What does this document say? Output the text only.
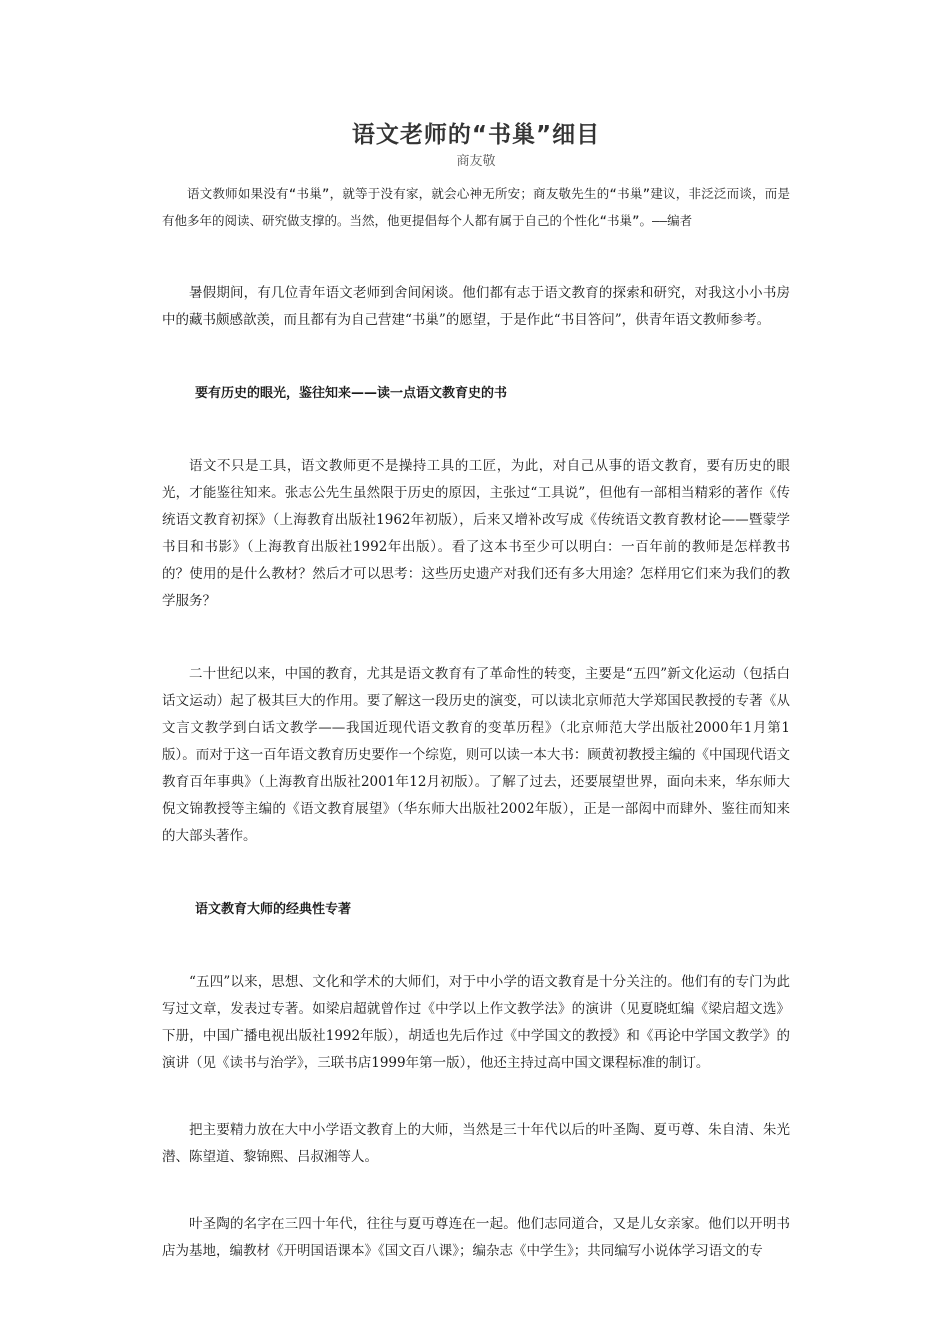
语文老师的“书巢”细目
商友敬

语文教师如果没有“书巢”，就等于没有家，就会心神无所安；商友敬先生的“书巢”建议，非泛泛而谈，而是有他多年的阅读、研究做支撑的。当然，他更提倡每个人都有属于自己的个性化“书巢”。——编者

暑假期间，有几位青年语文老师到舍间闲谈。他们都有志于语文教育的探索和研究，对我这小小书房中的藏书颇感歆羡，而且都有为自己营建“书巢”的愿望，于是作此“书目答问”，供青年语文教师参考。

要有历史的眼光，鉴往知来——读一点语文教育史的书

语文不只是工具，语文教师更不是操持工具的工匠，为此，对自己从事的语文教育，要有历史的眼光，才能鉴往知来。张志公先生虽然限于历史的原因，主张过“工具说”，但他有一部相当精彩的著作《传统语文教育初探》（上海教育出版社1962年初版），后来又增补改写成《传统语文教育教材论——暨蒙学书目和书影》（上海教育出版社1992年出版）。看了这本书至少可以明白：一百年前的教师是怎样教书的？使用的是什么教材？然后才可以思考：这些历史遗产对我们还有多大用途？怎样用它们来为我们的教学服务？

二十世纪以来，中国的教育，尤其是语文教育有了革命性的转变，主要是“五四”新文化运动（包括白话文运动）起了极其巨大的作用。要了解这一段历史的演变，可以读北京师范大学郑国民教授的专著《从文言文教学到白话文教学——我国近现代语文教育的变革历程》（北京师范大学出版社2000年1月第1版）。而对于这一百年语文教育历史要作一个综览，则可以读一本大书：顾黄初教授主编的《中国现代语文教育百年事典》（上海教育出版社2001年12月初版）。了解了过去，还要展望世界，面向未来，华东师大倪文锦教授等主编的《语文教育展望》（华东师大出版社2002年版），正是一部闳中而肆外、鉴往而知来的大部头著作。

语文教育大师的经典性专著

“五四”以来，思想、文化和学术的大师们，对于中小学的语文教育是十分关注的。他们有的专门为此写过文章，发表过专著。如梁启超就曾作过《中学以上作文教学法》的演讲（见夏晓虹编《梁启超文选》下册，中国广播电视出版社1992年版），胡适也先后作过《中学国文的教授》和《再论中学国文教学》的演讲（见《读书与治学》，三联书店1999年第一版），他还主持过高中国文课程标准的制订。

把主要精力放在大中小学语文教育上的大师，当然是三十年代以后的叶圣陶、夏丏尊、朱自清、朱光潜、陈望道、黎锦熙、吕叔湘等人。

叶圣陶的名字在三四十年代，往往与夏丏尊连在一起。他们志同道合，又是儿女亲家。他们以开明书店为基地，编教材《开明国语课本》《国文百八课》；编杂志《中学生》；共同编写小说体学习语文的专
